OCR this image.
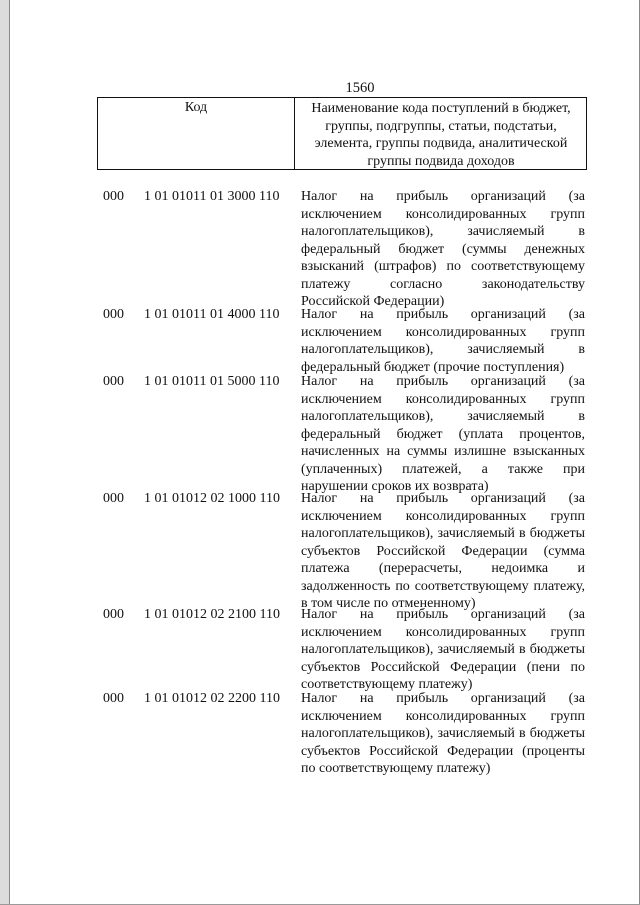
1560
Код	Наименование кода поступлений в бюджет, группы, подгруппы, статьи, подстатьи, элемента, группы подвида, аналитической группы подвида доходов
000 1 01 01011 01 3000 110 Налог на прибыль организаций (за исключением консолидированных групп налогоплательщиков), зачисляемый в федеральный бюджет (суммы денежных взысканий (штрафов) по соответствующему платежу согласно законодательству Российской Федерации)
000 1 01 01011 01 4000 110 Налог на прибыль организаций (за исключением консолидированных групп налогоплательщиков), зачисляемый в федеральный бюджет (прочие поступления)
000 1 01 01011 01 5000 110 Налог на прибыль организаций (за исключением консолидированных групп налогоплательщиков), зачисляемый в федеральный бюджет (уплата процентов, начисленных на суммы излишне взысканных (уплаченных) платежей, а также при нарушении сроков их возврата)
000 1 01 01012 02 1000 110 Налог на прибыль организаций (за исключением консолидированных групп налогоплательщиков), зачисляемый в бюджеты субъектов Российской Федерации (сумма платежа (перерасчеты, недоимка и задолженность по соответствующему платежу, в том числе по отмененному)
000 1 01 01012 02 2100 110 Налог на прибыль организаций (за исключением консолидированных групп налогоплательщиков), зачисляемый в бюджеты субъектов Российской Федерации (пени по соответствующему платежу)
000 1 01 01012 02 2200 110 Налог на прибыль организаций (за исключением консолидированных групп налогоплательщиков), зачисляемый в бюджеты субъектов Российской Федерации (проценты по соответствующему платежу)
